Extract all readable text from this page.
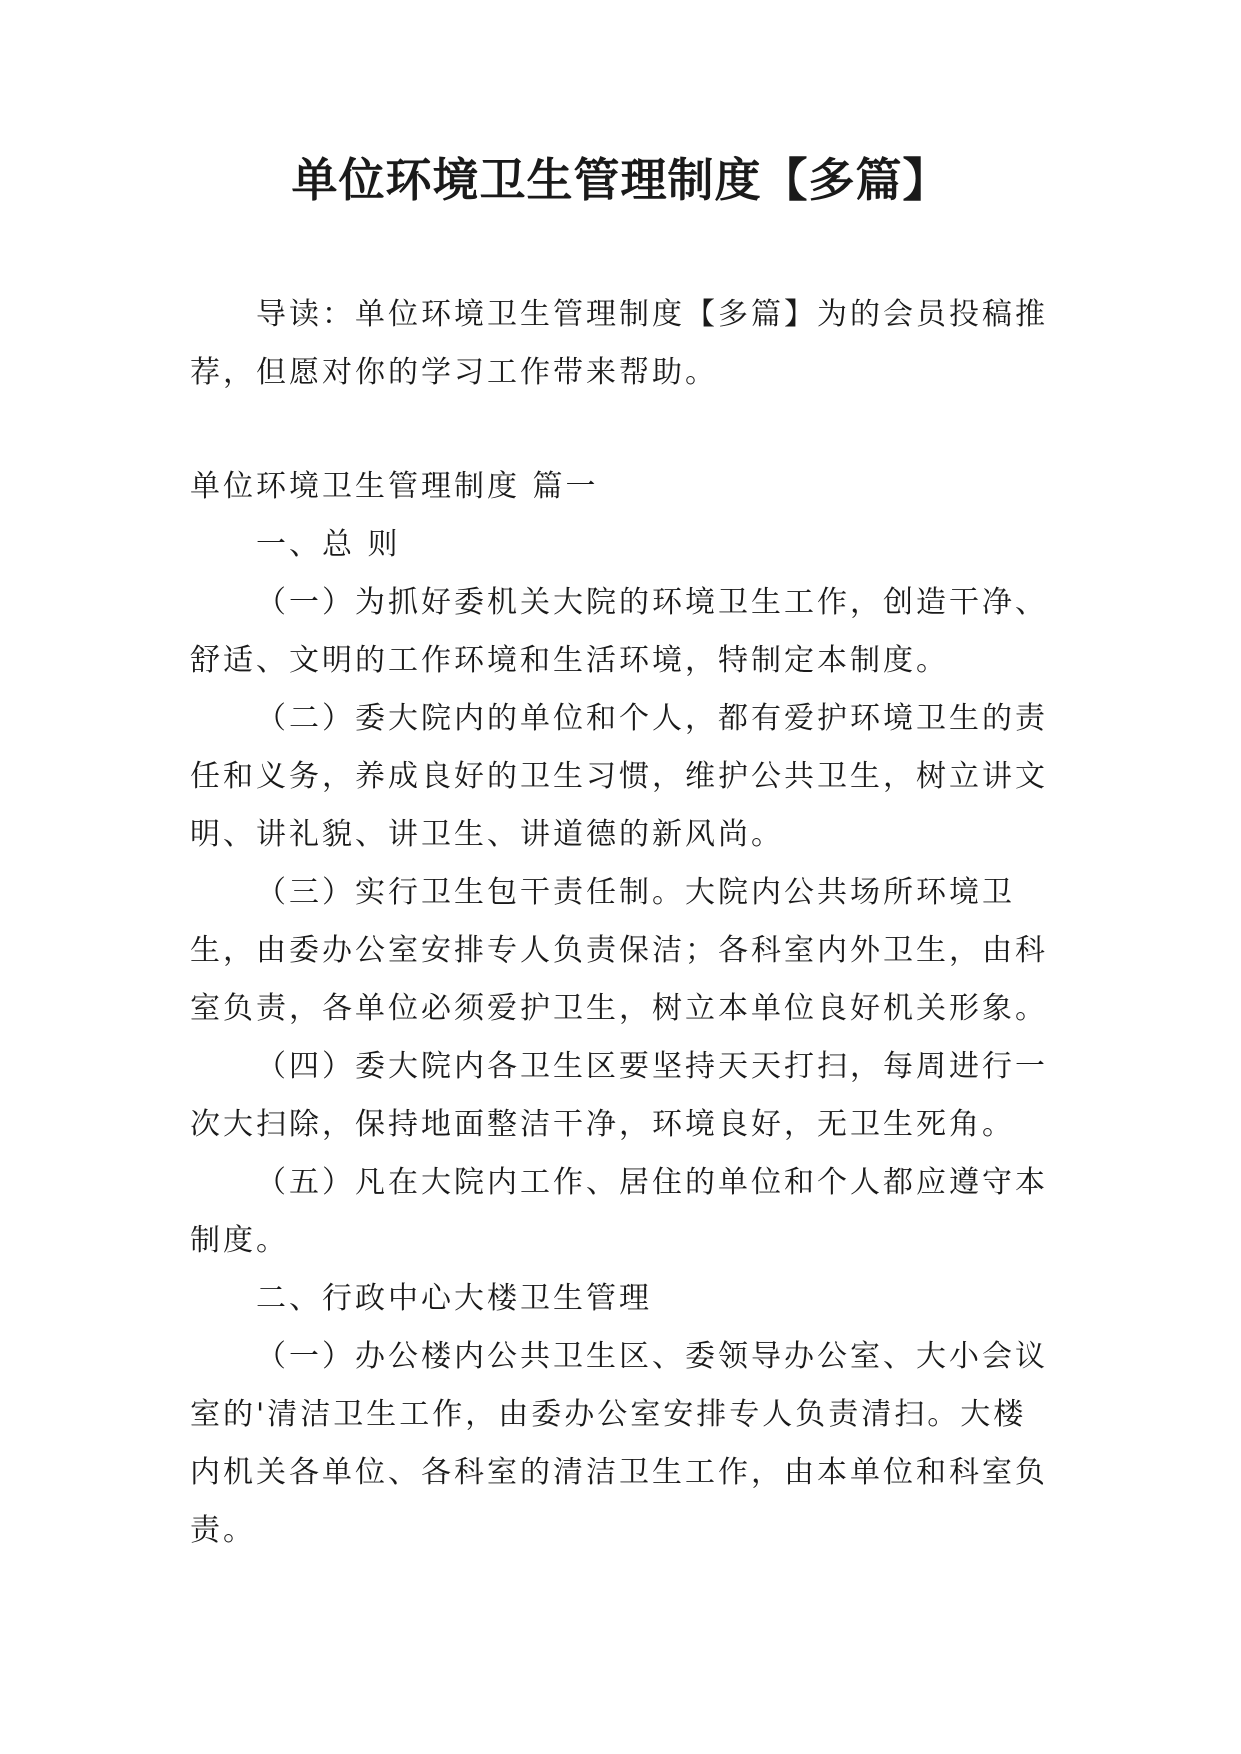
单位环境卫生管理制度【多篇】

导读：单位环境卫生管理制度【多篇】为的会员投稿推荐，但愿对你的学习工作带来帮助。

单位环境卫生管理制度 篇一

一、总 则

（一）为抓好委机关大院的环境卫生工作，创造干净、舒适、文明的工作环境和生活环境，特制定本制度。

（二）委大院内的单位和个人，都有爱护环境卫生的责任和义务，养成良好的卫生习惯，维护公共卫生，树立讲文明、讲礼貌、讲卫生、讲道德的新风尚。

（三）实行卫生包干责任制。大院内公共场所环境卫生，由委办公室安排专人负责保洁；各科室内外卫生，由科室负责，各单位必须爱护卫生，树立本单位良好机关形象。

（四）委大院内各卫生区要坚持天天打扫，每周进行一次大扫除，保持地面整洁干净，环境良好，无卫生死角。

（五）凡在大院内工作、居住的单位和个人都应遵守本制度。

二、行政中心大楼卫生管理

（一）办公楼内公共卫生区、委领导办公室、大小会议室的'清洁卫生工作，由委办公室安排专人负责清扫。大楼内机关各单位、各科室的清洁卫生工作，由本单位和科室负责。
